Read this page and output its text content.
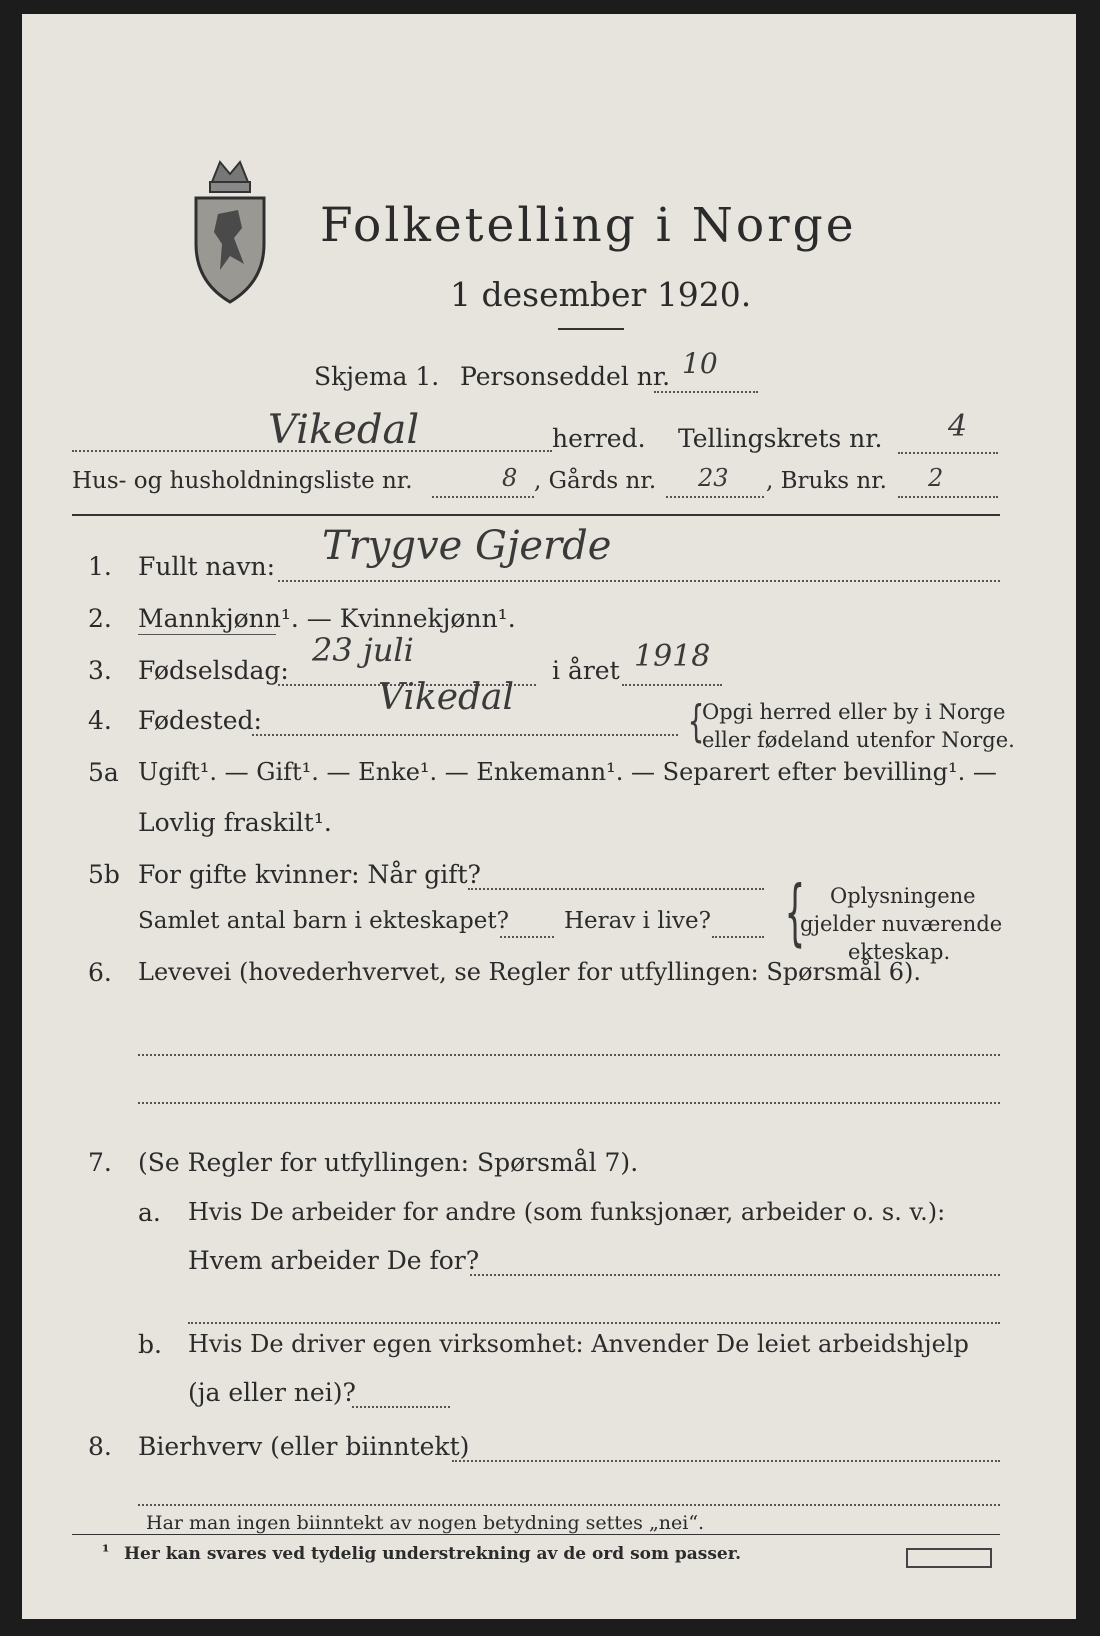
Folketelling i Norge
1 desember 1920.
Skjema 1. Personseddel nr. 10
Vikedal	herred. Tellingskrets nr. 4
Hus- og husholdningsliste nr.	8 , Gårds nr. 23 , Bruks nr. 2
1. Fullt navn: Trygve Gjerde
2. Mannkjønn¹. — Kvinnekjønn¹.
3. Fødselsdag:
23 juli
i året 1918
4. Fødested:
Vikedal	{
Opgi herred eller by i Norge
eller fødeland utenfor Norge.
5a Ugift¹. — Gift¹. — Enke¹. — Enkemann¹. — Separert efter bevilling¹. —
Lovlig fraskilt¹.
5b For gifte kvinner: Når gift?
Samlet antal barn i ekteskapet? Herav i live? { Oplysningene
gjelder nuværende
ekteskap.
6. Levevei (hovederhvervet, se Regler for utfyllingen: Spørsmål 6).
7. (Se Regler for utfyllingen: Spørsmål 7).
a. Hvis De arbeider for andre (som funksjonær, arbeider o. s. v.):
Hvem arbeider De for?
b. Hvis De driver egen virksomhet: Anvender De leiet arbeidshjelp
(ja eller nei)?
8. Bierhverv (eller biinntekt)
Har man ingen biinntekt av nogen betydning settes „nei“.
¹ Her kan svares ved tydelig understrekning av de ord som passer.
